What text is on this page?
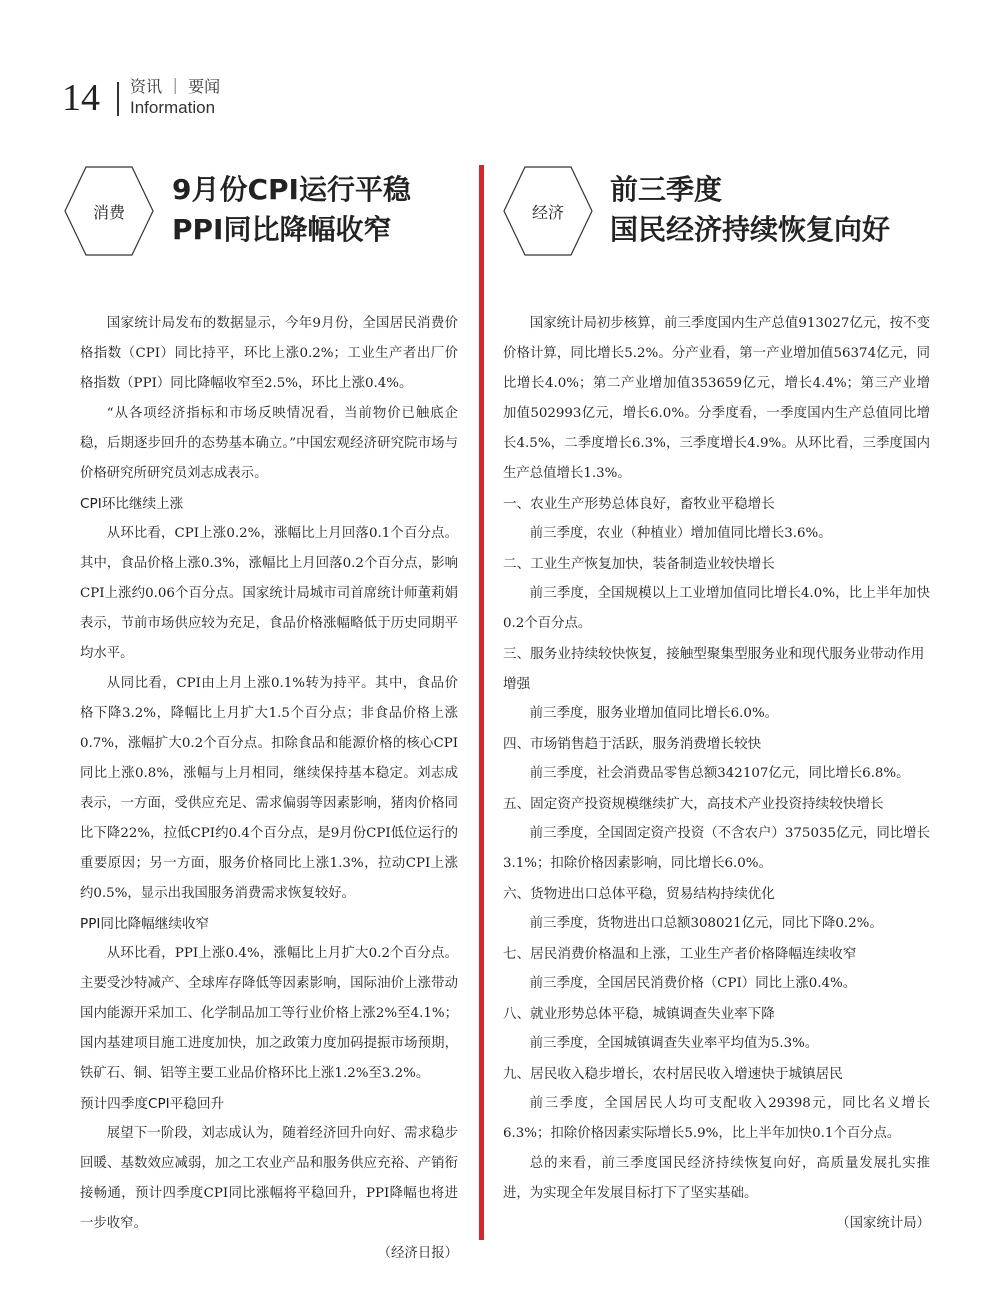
14 资讯 ｜ 要闻
Information
消费
9月份CPI运行平稳
PPI同比降幅收窄
经济
前三季度
国民经济持续恢复向好

国家统计局发布的数据显示，今年9月份，全国居民消费价格指数（CPI）同比持平，环比上涨0.2%；工业生产者出厂价格指数（PPI）同比降幅收窄至2.5%，环比上涨0.4%。

“从各项经济指标和市场反映情况看，当前物价已触底企稳，后期逐步回升的态势基本确立。”中国宏观经济研究院市场与价格研究所研究员刘志成表示。

CPI环比继续上涨

从环比看，CPI上涨0.2%，涨幅比上月回落0.1个百分点。其中，食品价格上涨0.3%，涨幅比上月回落0.2个百分点，影响CPI上涨约0.06个百分点。国家统计局城市司首席统计师董莉娟表示，节前市场供应较为充足，食品价格涨幅略低于历史同期平均水平。

从同比看，CPI由上月上涨0.1%转为持平。其中，食品价格下降3.2%，降幅比上月扩大1.5个百分点；非食品价格上涨0.7%，涨幅扩大0.2个百分点。扣除食品和能源价格的核心CPI同比上涨0.8%，涨幅与上月相同，继续保持基本稳定。刘志成表示，一方面，受供应充足、需求偏弱等因素影响，猪肉价格同比下降22%，拉低CPI约0.4个百分点，是9月份CPI低位运行的重要原因；另一方面，服务价格同比上涨1.3%，拉动CPI上涨约0.5%，显示出我国服务消费需求恢复较好。

PPI同比降幅继续收窄

从环比看，PPI上涨0.4%，涨幅比上月扩大0.2个百分点。主要受沙特减产、全球库存降低等因素影响，国际油价上涨带动国内能源开采加工、化学制品加工等行业价格上涨2%至4.1%；国内基建项目施工进度加快，加之政策力度加码提振市场预期，铁矿石、铜、铝等主要工业品价格环比上涨1.2%至3.2%。

预计四季度CPI平稳回升

展望下一阶段，刘志成认为，随着经济回升向好、需求稳步回暖、基数效应减弱，加之工农业产品和服务供应充裕、产销衔接畅通，预计四季度CPI同比涨幅将平稳回升，PPI降幅也将进一步收窄。

（经济日报）

国家统计局初步核算，前三季度国内生产总值913027亿元，按不变价格计算，同比增长5.2%。分产业看，第一产业增加值56374亿元，同比增长4.0%；第二产业增加值353659亿元，增长4.4%；第三产业增加值502993亿元，增长6.0%。分季度看，一季度国内生产总值同比增长4.5%，二季度增长6.3%，三季度增长4.9%。从环比看，三季度国内生产总值增长1.3%。

一、农业生产形势总体良好，畜牧业平稳增长

前三季度，农业（种植业）增加值同比增长3.6%。

二、工业生产恢复加快，装备制造业较快增长

前三季度，全国规模以上工业增加值同比增长4.0%，比上半年加快0.2个百分点。

三、服务业持续较快恢复，接触型聚集型服务业和现代服务业带动作用增强

前三季度，服务业增加值同比增长6.0%。

四、市场销售趋于活跃，服务消费增长较快

前三季度，社会消费品零售总额342107亿元，同比增长6.8%。

五、固定资产投资规模继续扩大，高技术产业投资持续较快增长

前三季度，全国固定资产投资（不含农户）375035亿元，同比增长3.1%；扣除价格因素影响，同比增长6.0%。

六、货物进出口总体平稳，贸易结构持续优化

前三季度，货物进出口总额308021亿元，同比下降0.2%。

七、居民消费价格温和上涨，工业生产者价格降幅连续收窄

前三季度，全国居民消费价格（CPI）同比上涨0.4%。

八、就业形势总体平稳，城镇调查失业率下降

前三季度，全国城镇调查失业率平均值为5.3%。

九、居民收入稳步增长，农村居民收入增速快于城镇居民

前三季度，全国居民人均可支配收入29398元，同比名义增长6.3%；扣除价格因素实际增长5.9%，比上半年加快0.1个百分点。

总的来看，前三季度国民经济持续恢复向好，高质量发展扎实推进，为实现全年发展目标打下了坚实基础。

（国家统计局）
